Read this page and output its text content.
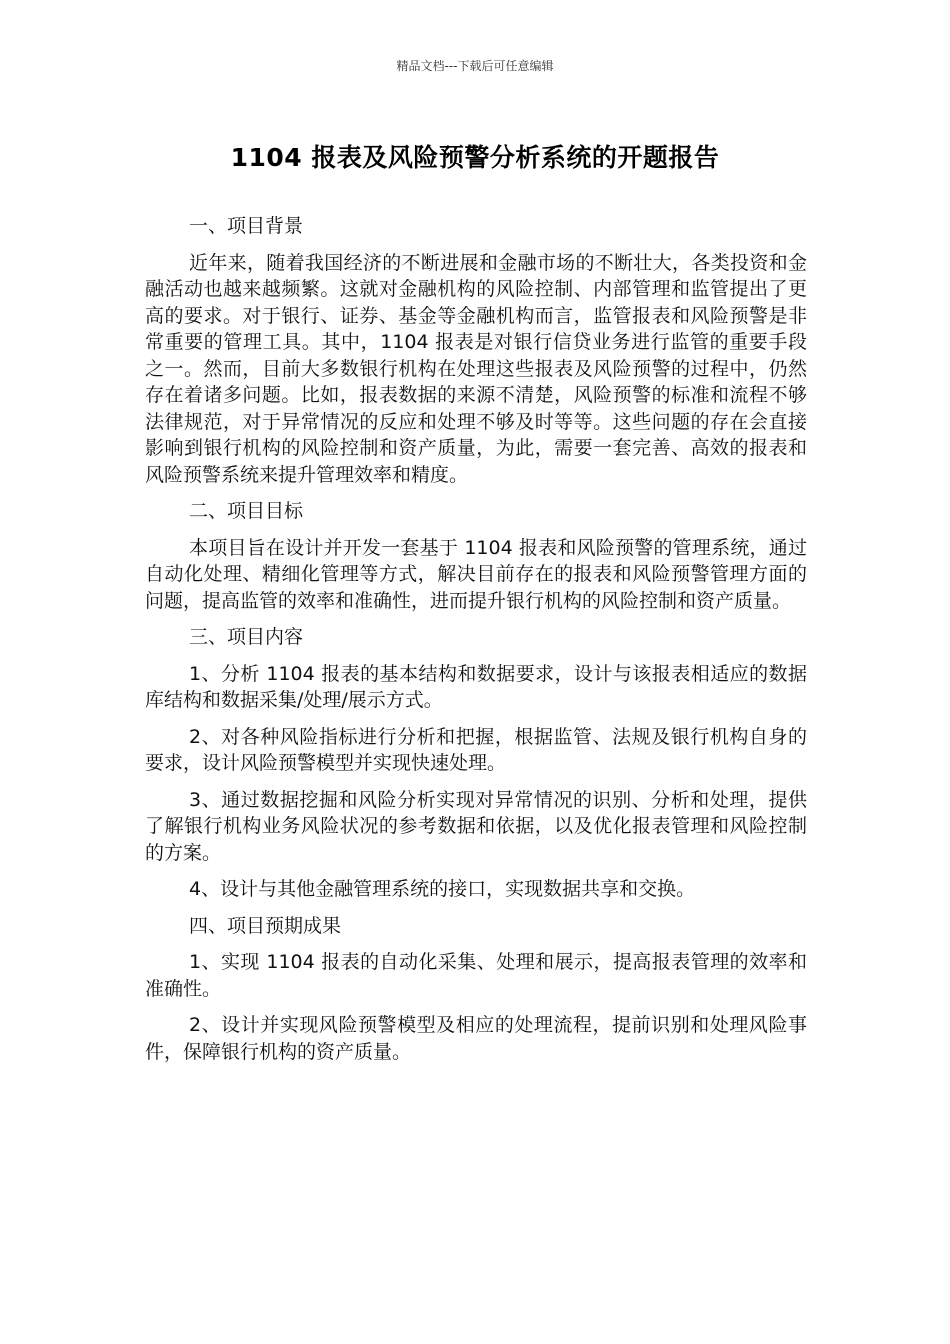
精品文档---下载后可任意编辑
1104 报表及风险预警分析系统的开题报告

一、项目背景

近年来，随着我国经济的不断进展和金融市场的不断壮大，各类投资和金融活动也越来越频繁。这就对金融机构的风险控制、内部管理和监管提出了更高的要求。对于银行、证券、基金等金融机构而言，监管报表和风险预警是非常重要的管理工具。其中，1104 报表是对银行信贷业务进行监管的重要手段之一。然而，目前大多数银行机构在处理这些报表及风险预警的过程中，仍然存在着诸多问题。比如，报表数据的来源不清楚，风险预警的标准和流程不够法律规范，对于异常情况的反应和处理不够及时等等。这些问题的存在会直接影响到银行机构的风险控制和资产质量，为此，需要一套完善、高效的报表和风险预警系统来提升管理效率和精度。

二、项目目标

本项目旨在设计并开发一套基于 1104 报表和风险预警的管理系统，通过自动化处理、精细化管理等方式，解决目前存在的报表和风险预警管理方面的问题，提高监管的效率和准确性，进而提升银行机构的风险控制和资产质量。

三、项目内容

1、分析 1104 报表的基本结构和数据要求，设计与该报表相适应的数据库结构和数据采集/处理/展示方式。

2、对各种风险指标进行分析和把握，根据监管、法规及银行机构自身的要求，设计风险预警模型并实现快速处理。

3、通过数据挖掘和风险分析实现对异常情况的识别、分析和处理，提供了解银行机构业务风险状况的参考数据和依据，以及优化报表管理和风险控制的方案。

4、设计与其他金融管理系统的接口，实现数据共享和交换。

四、项目预期成果

1、实现 1104 报表的自动化采集、处理和展示，提高报表管理的效率和准确性。

2、设计并实现风险预警模型及相应的处理流程，提前识别和处理风险事件，保障银行机构的资产质量。
